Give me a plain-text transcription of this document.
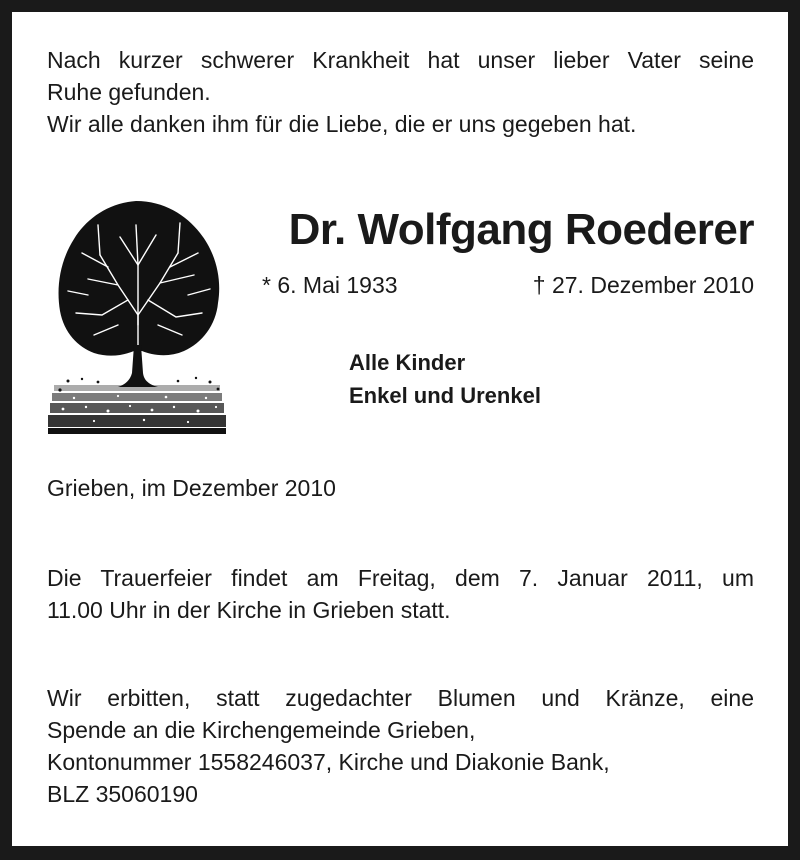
Nach kurzer schwerer Krankheit hat unser lieber Vater seine
Ruhe gefunden.
Wir alle danken ihm für die Liebe, die er uns gegeben hat.

Dr. Wolfgang Roederer
* 6. Mai 1933	† 27. Dezember 2010
Alle Kinder
Enkel und Urenkel

Grieben, im Dezember 2010

Die Trauerfeier findet am Freitag, dem 7. Januar 2011, um
11.00 Uhr in der Kirche in Grieben statt.

Wir erbitten, statt zugedachter Blumen und Kränze, eine
Spende an die Kirchengemeinde Grieben,
Kontonummer 1558246037, Kirche und Diakonie Bank,
BLZ 35060190
